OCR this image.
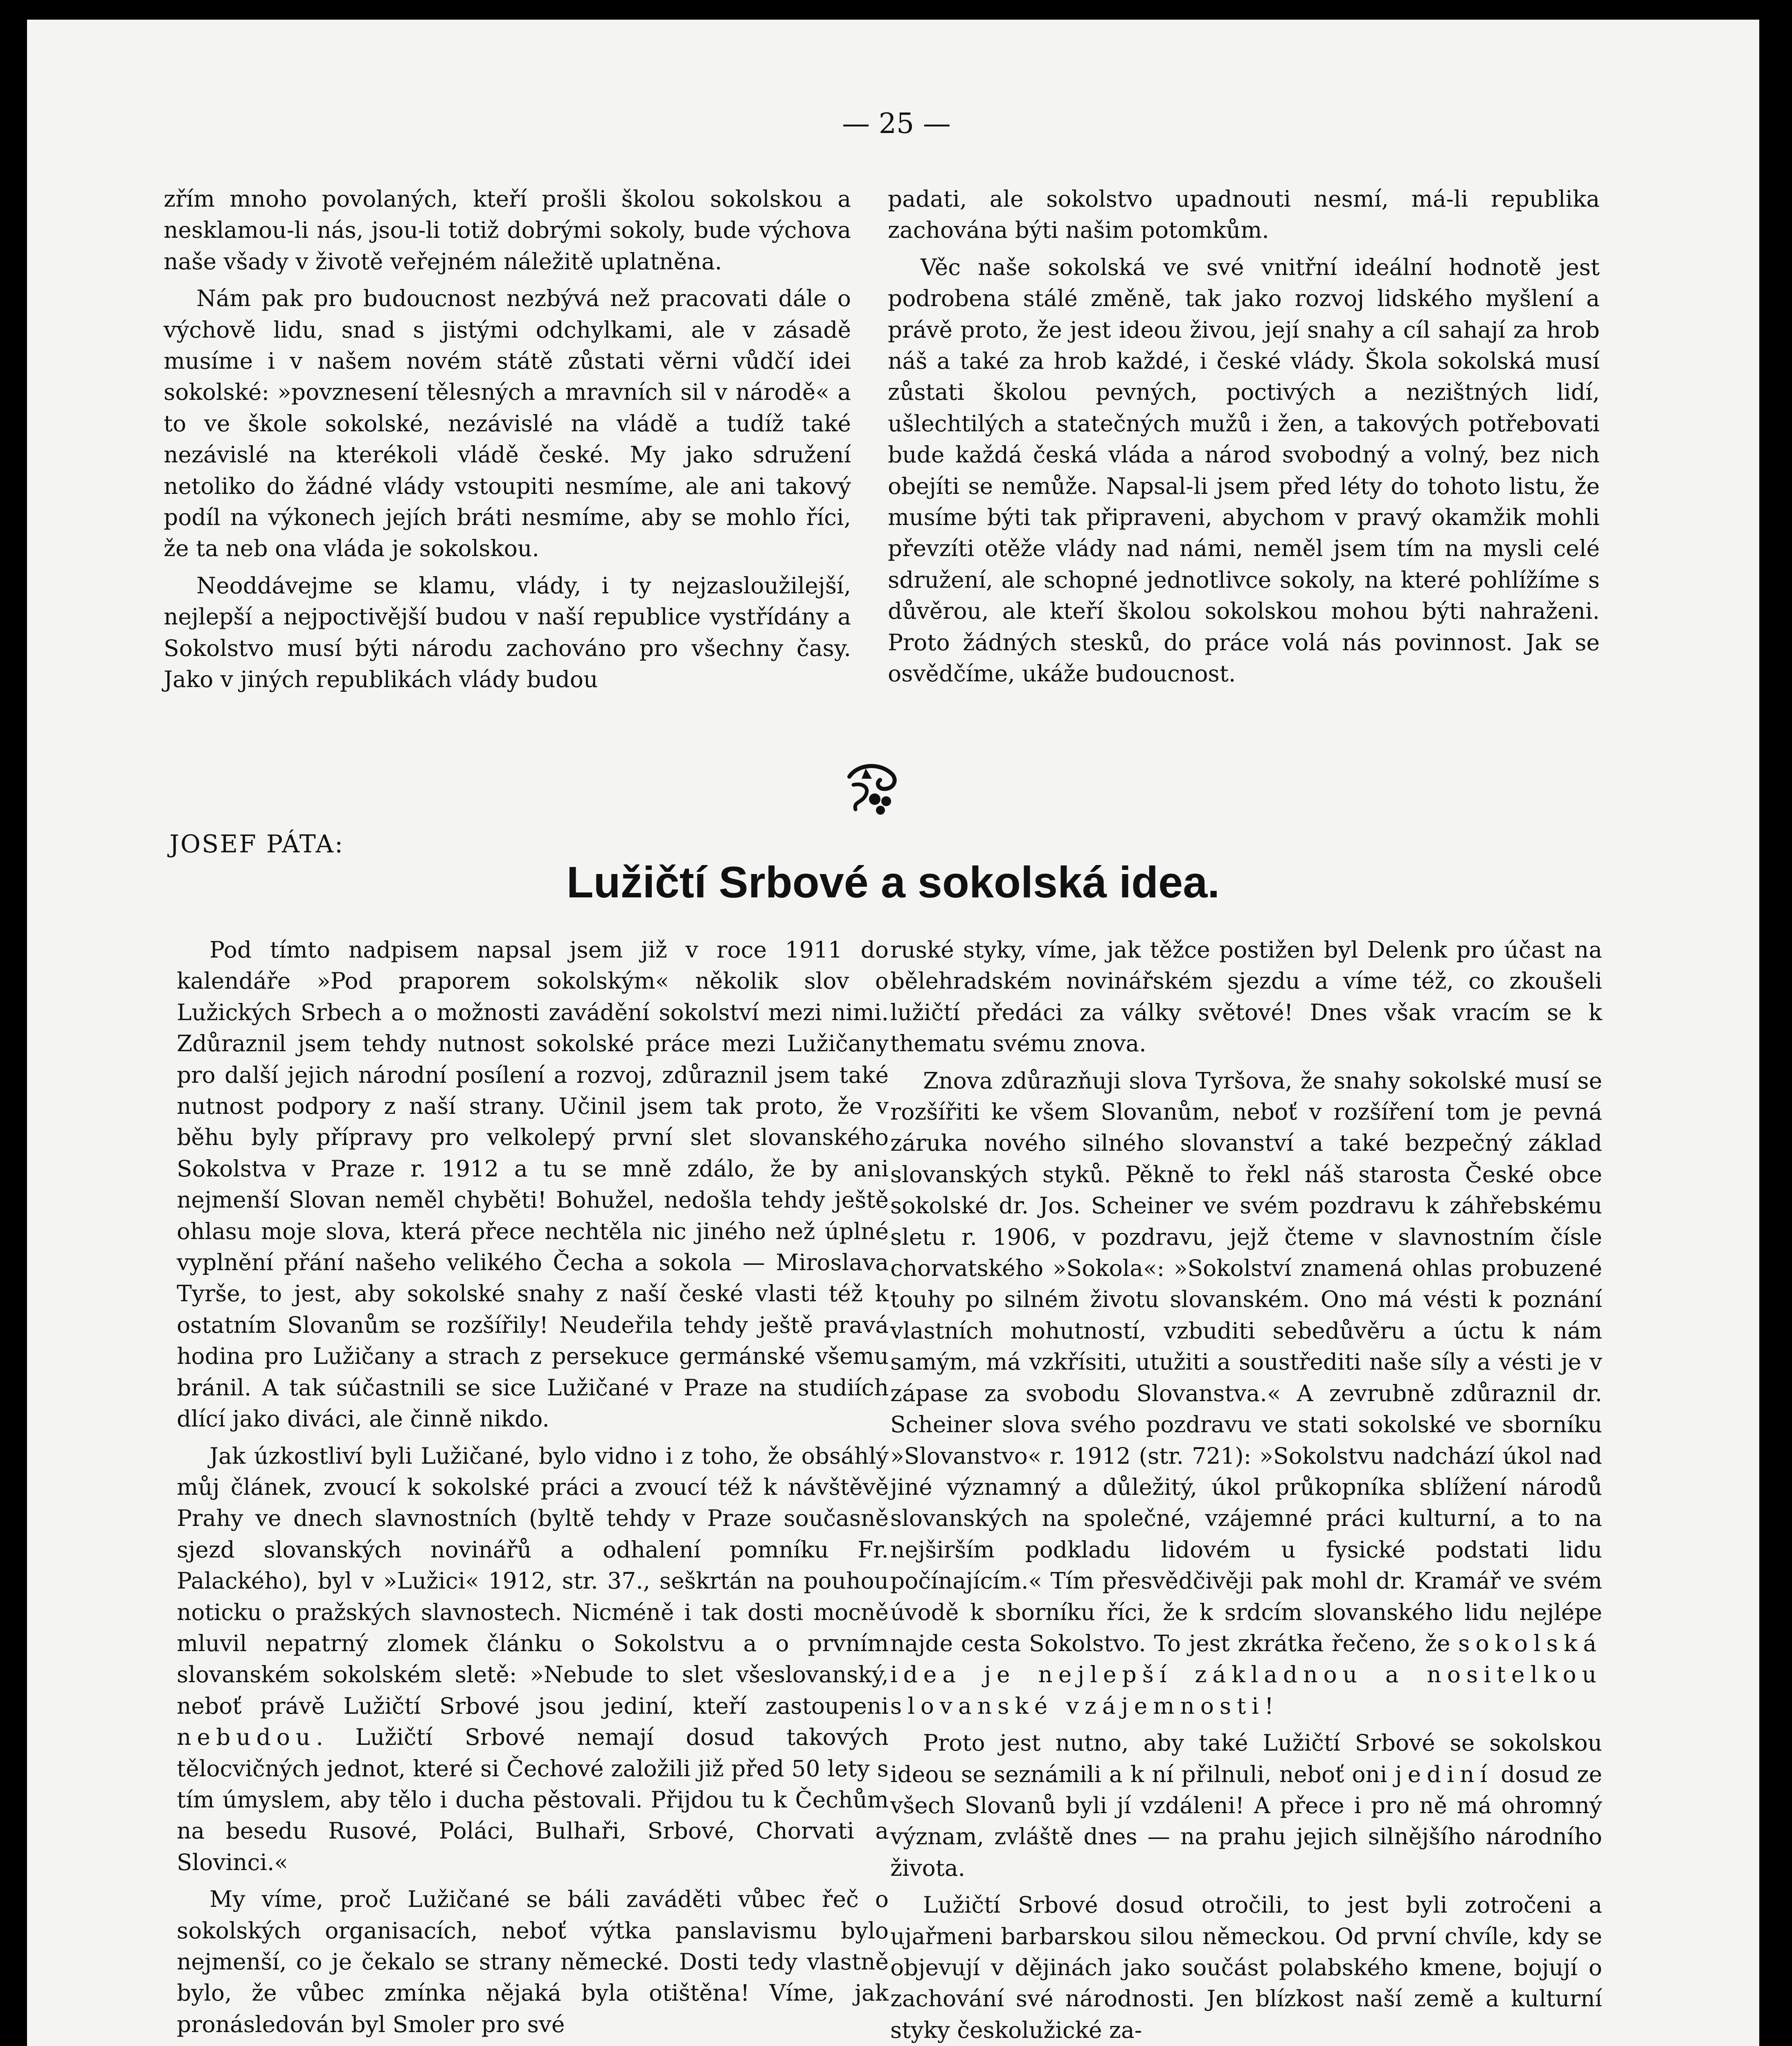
— 25 —

zřím mnoho povolaných, kteří prošli školou sokolskou a nesklamou-li nás, jsou-li totiž dobrými sokoly, bude výchova naše všady v životě veřejném náležitě uplatněna.

Nám pak pro budoucnost nezbývá než pracovati dále o výchově lidu, snad s jistými odchylkami, ale v zásadě musíme i v našem novém státě zůstati věrni vůdčí idei sokolské: »povznesení tělesných a mravních sil v národě« a to ve škole sokolské, nezávislé na vládě a tudíž také nezávislé na kterékoli vládě české. My jako sdružení netoliko do žádné vlády vstoupiti nesmíme, ale ani takový podíl na výkonech jejích bráti nesmíme, aby se mohlo říci, že ta neb ona vláda je sokolskou.

Neoddávejme se klamu, vlády, i ty nejzasloužilejší, nejlepší a nejpoctivější budou v naší republice vystřídány a Sokolstvo musí býti národu zachováno pro všechny časy. Jako v jiných republikách vlády budou

padati, ale sokolstvo upadnouti nesmí, má-li republika zachována býti našim potomkům.

Věc naše sokolská ve své vnitřní ideální hodnotě jest podrobena stálé změně, tak jako rozvoj lidského myšlení a právě proto, že jest ideou živou, její snahy a cíl sahají za hrob náš a také za hrob každé, i české vlády. Škola sokolská musí zůstati školou pevných, poctivých a nezištných lidí, ušlechtilých a statečných mužů i žen, a takových potřebovati bude každá česká vláda a národ svobodný a volný, bez nich obejíti se nemůže. Napsal-li jsem před léty do tohoto listu, že musíme býti tak připraveni, abychom v pravý okamžik mohli převzíti otěže vlády nad námi, neměl jsem tím na mysli celé sdružení, ale schopné jednotlivce sokoly, na které pohlížíme s důvěrou, ale kteří školou sokolskou mohou býti nahraženi. Proto žádných stesků, do práce volá nás povinnost. Jak se osvědčíme, ukáže budoucnost.

JOSEF PÁTA:
Lužičtí Srbové a sokolská idea.

Pod tímto nadpisem napsal jsem již v roce 1911 do kalendáře »Pod praporem sokolským« několik slov o Lužických Srbech a o možnosti zavádění sokolství mezi nimi. Zdůraznil jsem tehdy nutnost sokolské práce mezi Lužičany pro další jejich národní posílení a rozvoj, zdůraznil jsem také nutnost podpory z naší strany. Učinil jsem tak proto, že v běhu byly přípravy pro velkolepý první slet slovanského Sokolstva v Praze r. 1912 a tu se mně zdálo, že by ani nejmenší Slovan neměl chyběti! Bohužel, nedošla tehdy ještě ohlasu moje slova, která přece nechtěla nic jiného než úplné vyplnění přání našeho velikého Čecha a sokola — Miroslava Tyrše, to jest, aby sokolské snahy z naší české vlasti též k ostatním Slovanům se rozšířily! Neudeřila tehdy ještě pravá hodina pro Lužičany a strach z persekuce germánské všemu bránil. A tak súčastnili se sice Lužičané v Praze na studiích dlící jako diváci, ale činně nikdo.

Jak úzkostliví byli Lužičané, bylo vidno i z toho, že obsáhlý můj článek, zvoucí k sokolské práci a zvoucí též k návštěvě Prahy ve dnech slavnostních (byltě tehdy v Praze současně sjezd slovanských novinářů a odhalení pomníku Fr. Palackého), byl v »Lužici« 1912, str. 37., seškrtán na pouhou noticku o pražských slavnostech. Nicméně i tak dosti mocně mluvil nepatrný zlomek článku o Sokolstvu a o prvním slovanském sokolském sletě: »Nebude to slet všeslovanský, neboť právě Lužičtí Srbové jsou jediní, kteří zastoupeni nebudou. Lužičtí Srbové nemají dosud takových tělocvičných jednot, které si Čechové založili již před 50 lety s tím úmyslem, aby tělo i ducha pěstovali. Přijdou tu k Čechům na besedu Rusové, Poláci, Bulhaři, Srbové, Chorvati a Slovinci.«

My víme, proč Lužičané se báli zaváděti vůbec řeč o sokolských organisacích, neboť výtka panslavismu bylo nejmenší, co je čekalo se strany německé. Dosti tedy vlastně bylo, že vůbec zmínka nějaká byla otištěna! Víme, jak pronásledován byl Smoler pro své

ruské styky, víme, jak těžce postižen byl Delenk pro účast na bělehradském novinářském sjezdu a víme též, co zkoušeli lužičtí předáci za války světové! Dnes však vracím se k thematu svému znova.

Znova zdůrazňuji slova Tyršova, že snahy sokolské musí se rozšířiti ke všem Slovanům, neboť v rozšíření tom je pevná záruka nového silného slovanství a také bezpečný základ slovanských styků. Pěkně to řekl náš starosta České obce sokolské dr. Jos. Scheiner ve svém pozdravu k záhřebskému sletu r. 1906, v pozdravu, jejž čteme v slavnostním čísle chorvatského »Sokola«: »Sokolství znamená ohlas probuzené touhy po silném životu slovanském. Ono má vésti k poznání vlastních mohutností, vzbuditi sebedůvěru a úctu k nám samým, má vzkřísiti, utužiti a soustřediti naše síly a vésti je v zápase za svobodu Slovanstva.« A zevrubně zdůraznil dr. Scheiner slova svého pozdravu ve stati sokolské ve sborníku »Slovanstvo« r. 1912 (str. 721): »Sokolstvu nadchází úkol nad jiné významný a důležitý, úkol průkopníka sblížení národů slovanských na společné, vzájemné práci kulturní, a to na nejširším podkladu lidovém u fysické podstati lidu počínajícím.« Tím přesvědčivěji pak mohl dr. Kramář ve svém úvodě k sborníku říci, že k srdcím slovanského lidu nejlépe najde cesta Sokolstvo. To jest zkrátka řečeno, že sokolská idea je nejlepší základnou a nositelkou slovanské vzájemnosti!

Proto jest nutno, aby také Lužičtí Srbové se sokolskou ideou se seznámili a k ní přilnuli, neboť oni jediní dosud ze všech Slovanů byli jí vzdáleni! A přece i pro ně má ohromný význam, zvláště dnes — na prahu jejich silnějšího národního života.

Lužičtí Srbové dosud otročili, to jest byli zotročeni a ujařmeni barbarskou silou německou. Od první chvíle, kdy se objevují v dějinách jako součást polabského kmene, bojují o zachování své národnosti. Jen blízkost naší země a kulturní styky českolužické za-
